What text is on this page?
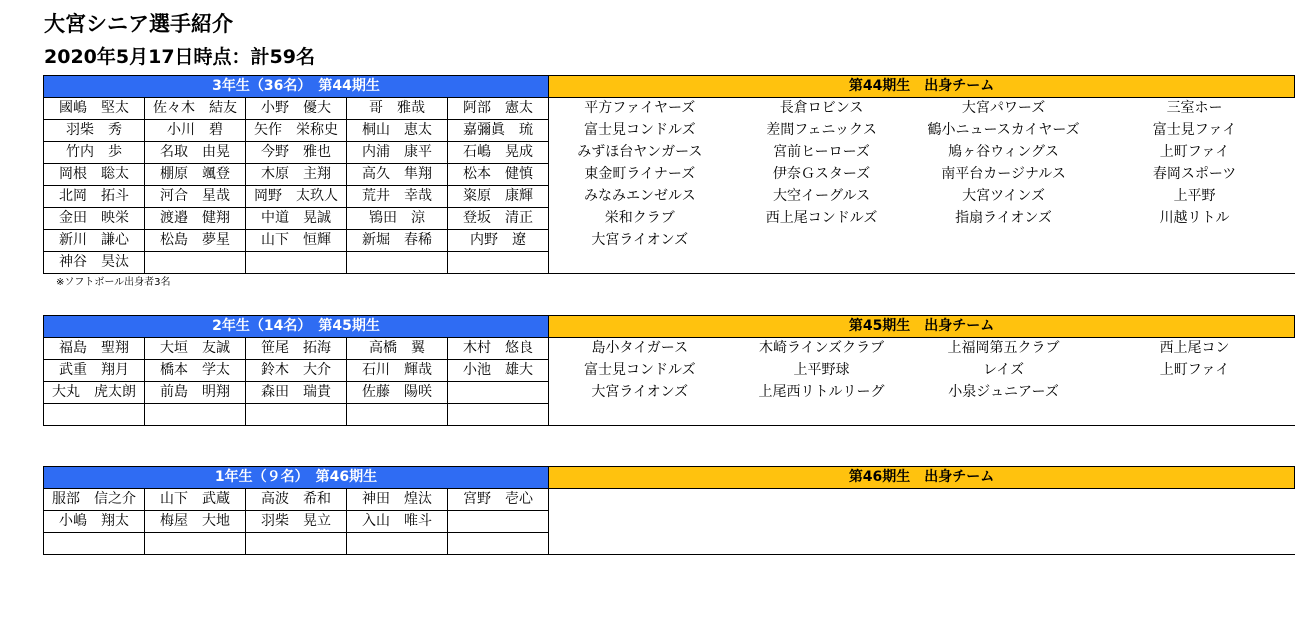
大宮シニア選手紹介
2020年5月17日時点：計59名
3年生（36名）　第44期生					第44期生　出身チーム			
國嶋　堅太	佐々木　結友	小野　優大	哥　雅哉	阿部　憲太	平方ファイヤーズ	長倉ロビンス	大宮パワーズ	三室ホー
羽柴　秀	小川　碧	矢作　栄称史	桐山　恵太	嘉彌眞　琉	富士見コンドルズ	差間フェニックス	鶴小ニュースカイヤーズ	富士見ファイ
竹内　歩	名取　由晃	今野　雅也	内浦　康平	石嶋　晃成	みずほ台ヤンガース	宮前ヒーローズ	鳩ヶ谷ウィングス	上町ファイ
岡根　聡太	棚原　颯登	木原　主翔	高久　隼翔	松本　健慎	東金町ライナーズ	伊奈Ｇスターズ	南平台カージナルス	春岡スポーツ
北岡　拓斗	河合　星哉	岡野　太玖人	荒井　幸哉	粢原　康輝	みなみエンゼルス	大空イーグルス	大宮ツインズ	上平野
金田　映栄	渡邉　健翔	中道　晃誠	鴇田　涼	登坂　清正	栄和クラブ	西上尾コンドルズ	指扇ライオンズ	川越リトル
新川　謙心	松島　夢星	山下　恒輝	新堀　春稀	内野　遼	大宮ライオンズ			
神谷　昊汰								
※ソフトボール出身者3名
2年生（14名）　第45期生					第45期生　出身チーム			
福島　聖翔	大垣　友誠	笹尾　拓海	高橋　翼	木村　悠良	島小タイガース	木崎ラインズクラブ	上福岡第五クラブ	西上尾コン
武重　翔月	橋本　学太	鈴木　大介	石川　輝哉	小池　雄大	富士見コンドルズ	上平野球	レイズ	上町ファイ
大丸　虎太朗	前島　明翔	森田　瑞貴	佐藤　陽咲		大宮ライオンズ	上尾西リトルリーグ	小泉ジュニアーズ	

1年生（９名）　第46期生					第46期生　出身チーム			
服部　信之介	山下　武蔵	高波　希和	神田　煌汰	宮野　壱心				
小嶋　翔太	梅屋　大地	羽柴　晃立	入山　唯斗					
